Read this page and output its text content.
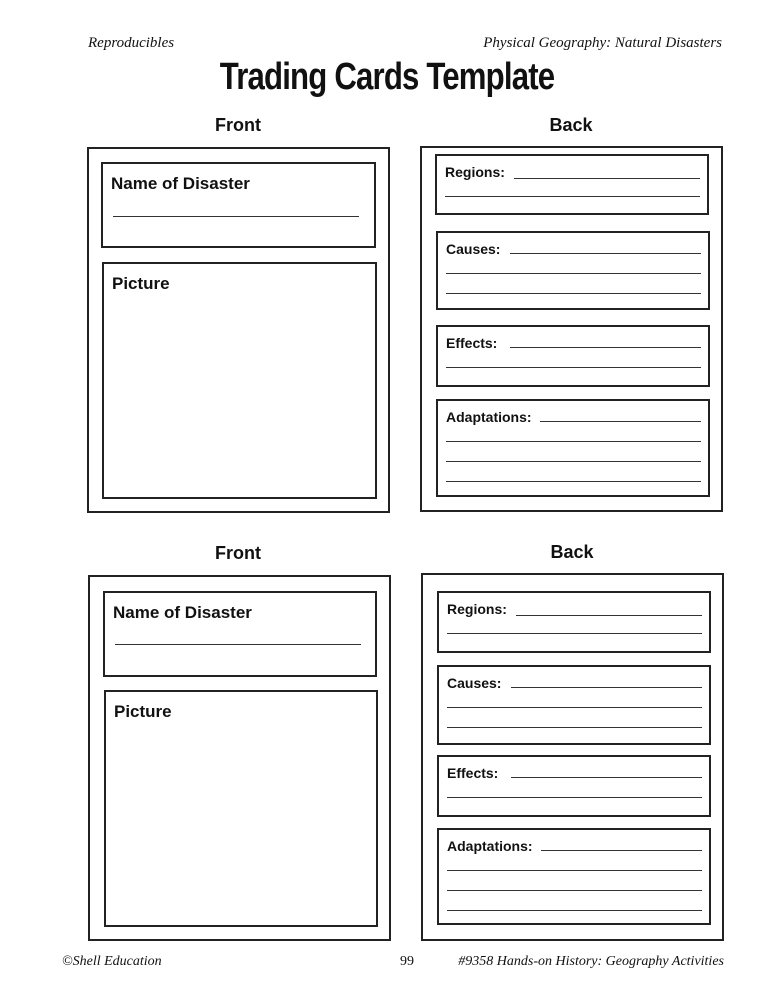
Reproducibles	Physical Geography: Natural Disasters
Trading Cards Template
Front	Back
Name of Disaster
Picture
Regions:
Causes:
Effects:
Adaptations:
Front	Back
Name of Disaster
Picture
Regions:
Causes:
Effects:
Adaptations:
©Shell Education	99	#9358 Hands-on History: Geography Activities
